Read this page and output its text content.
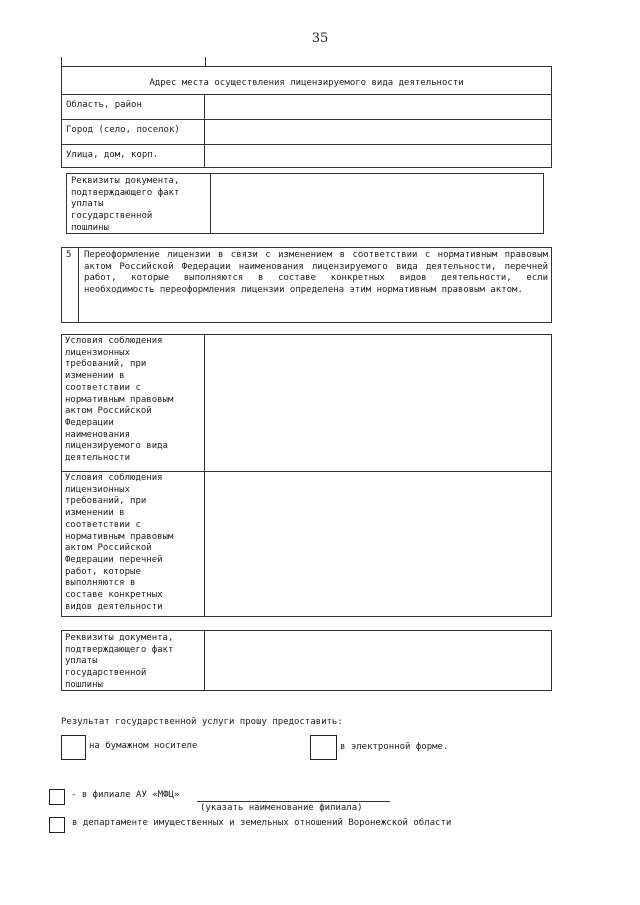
35
Адрес места осуществления лицензируемого вида деятельности
Область, район
Город (село, поселок)
Улица, дом, корп.
Реквизиты документа,
подтверждающего факт
уплаты
государственной
пошлины
5 Переоформление лицензии в связи с изменением в соответствии с нормативным правовым актом Российской Федерации наименования лицензируемого вида деятельности, перечней работ, которые выполняются в составе конкретных видов деятельности, если необходимость переоформления лицензии определена этим нормативным правовым актом.
Условия соблюдения
лицензионных
требований, при
изменении в
соответствии с
нормативным правовым
актом Российской
Федерации
наименования
лицензируемого вида
деятельности
Условия соблюдения
лицензионных
требований, при
изменении в
соответствии с
нормативным правовым
актом Российской
Федерации перечней
работ, которые
выполняются в
составе конкретных
видов деятельности
Реквизиты документа,
подтверждающего факт
уплаты
государственной
пошлины
Результат государственной услуги прошу предоставить:
на бумажном носителе	в электронной форме.
- в филиале АУ «МФЦ»
(указать наименование филиала)
в департаменте имущественных и земельных отношений Воронежской области
